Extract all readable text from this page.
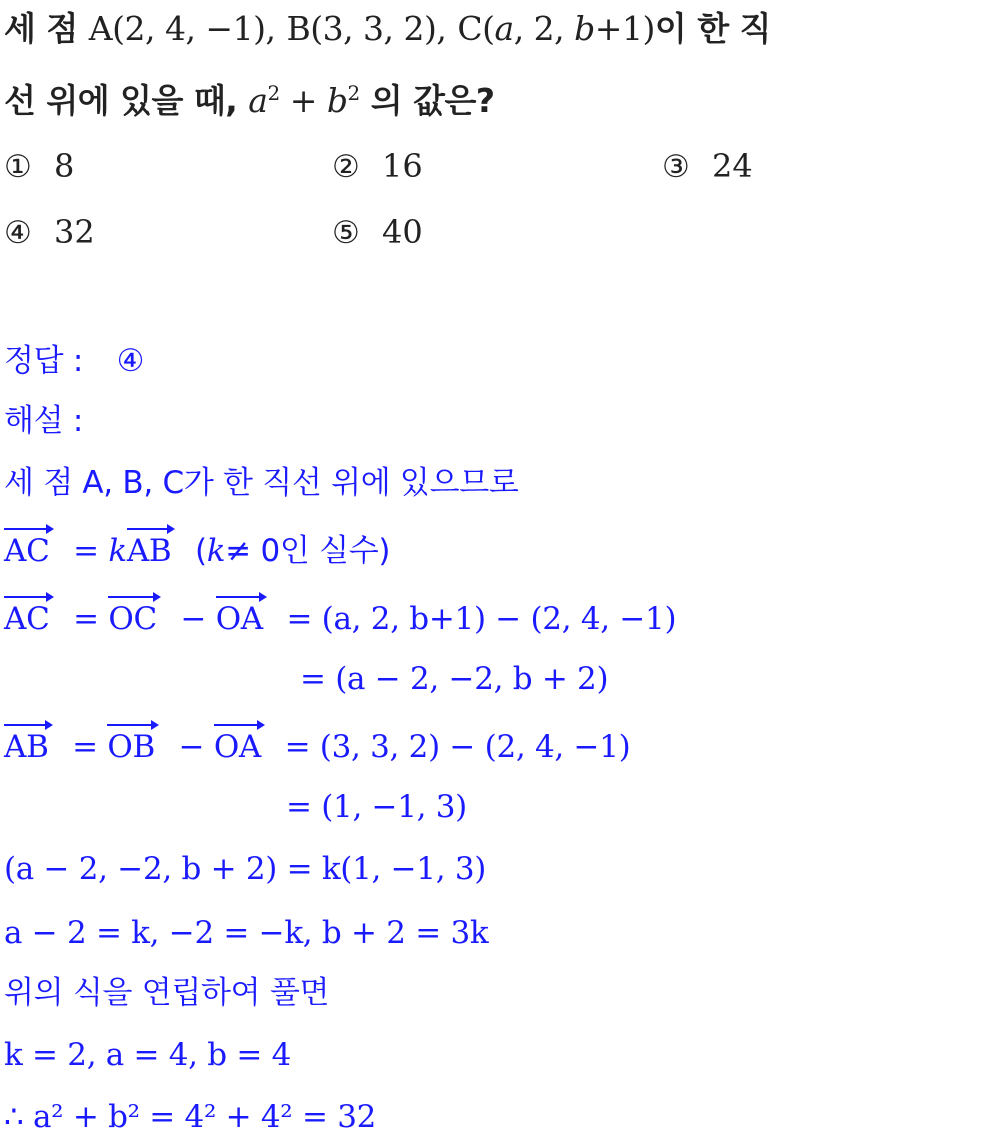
세 점 A(2, 4, −1), B(3, 3, 2), C(a, 2, b+1)이 한 직
선 위에 있을 때, $a^2 + b^2$ 의 값은?
① 8	② 16	③ 24
④ 32	⑤ 40
정답 : ④
해설 :
세 점 A, B, C가 한 직선 위에 있으므로
AC = kAB (k≠ 0인 실수)
AC = OC − OA = (a, 2, b+1) − (2, 4, −1)
= (a − 2, −2, b + 2)
AB = OB − OA = (3, 3, 2) − (2, 4, −1)
= (1, −1, 3)
(a − 2, −2, b + 2) = k(1, −1, 3)
a − 2 = k, −2 = −k, b + 2 = 3k
위의 식을 연립하여 풀면
k = 2, a = 4, b = 4
∴ a² + b² = 4² + 4² = 32
